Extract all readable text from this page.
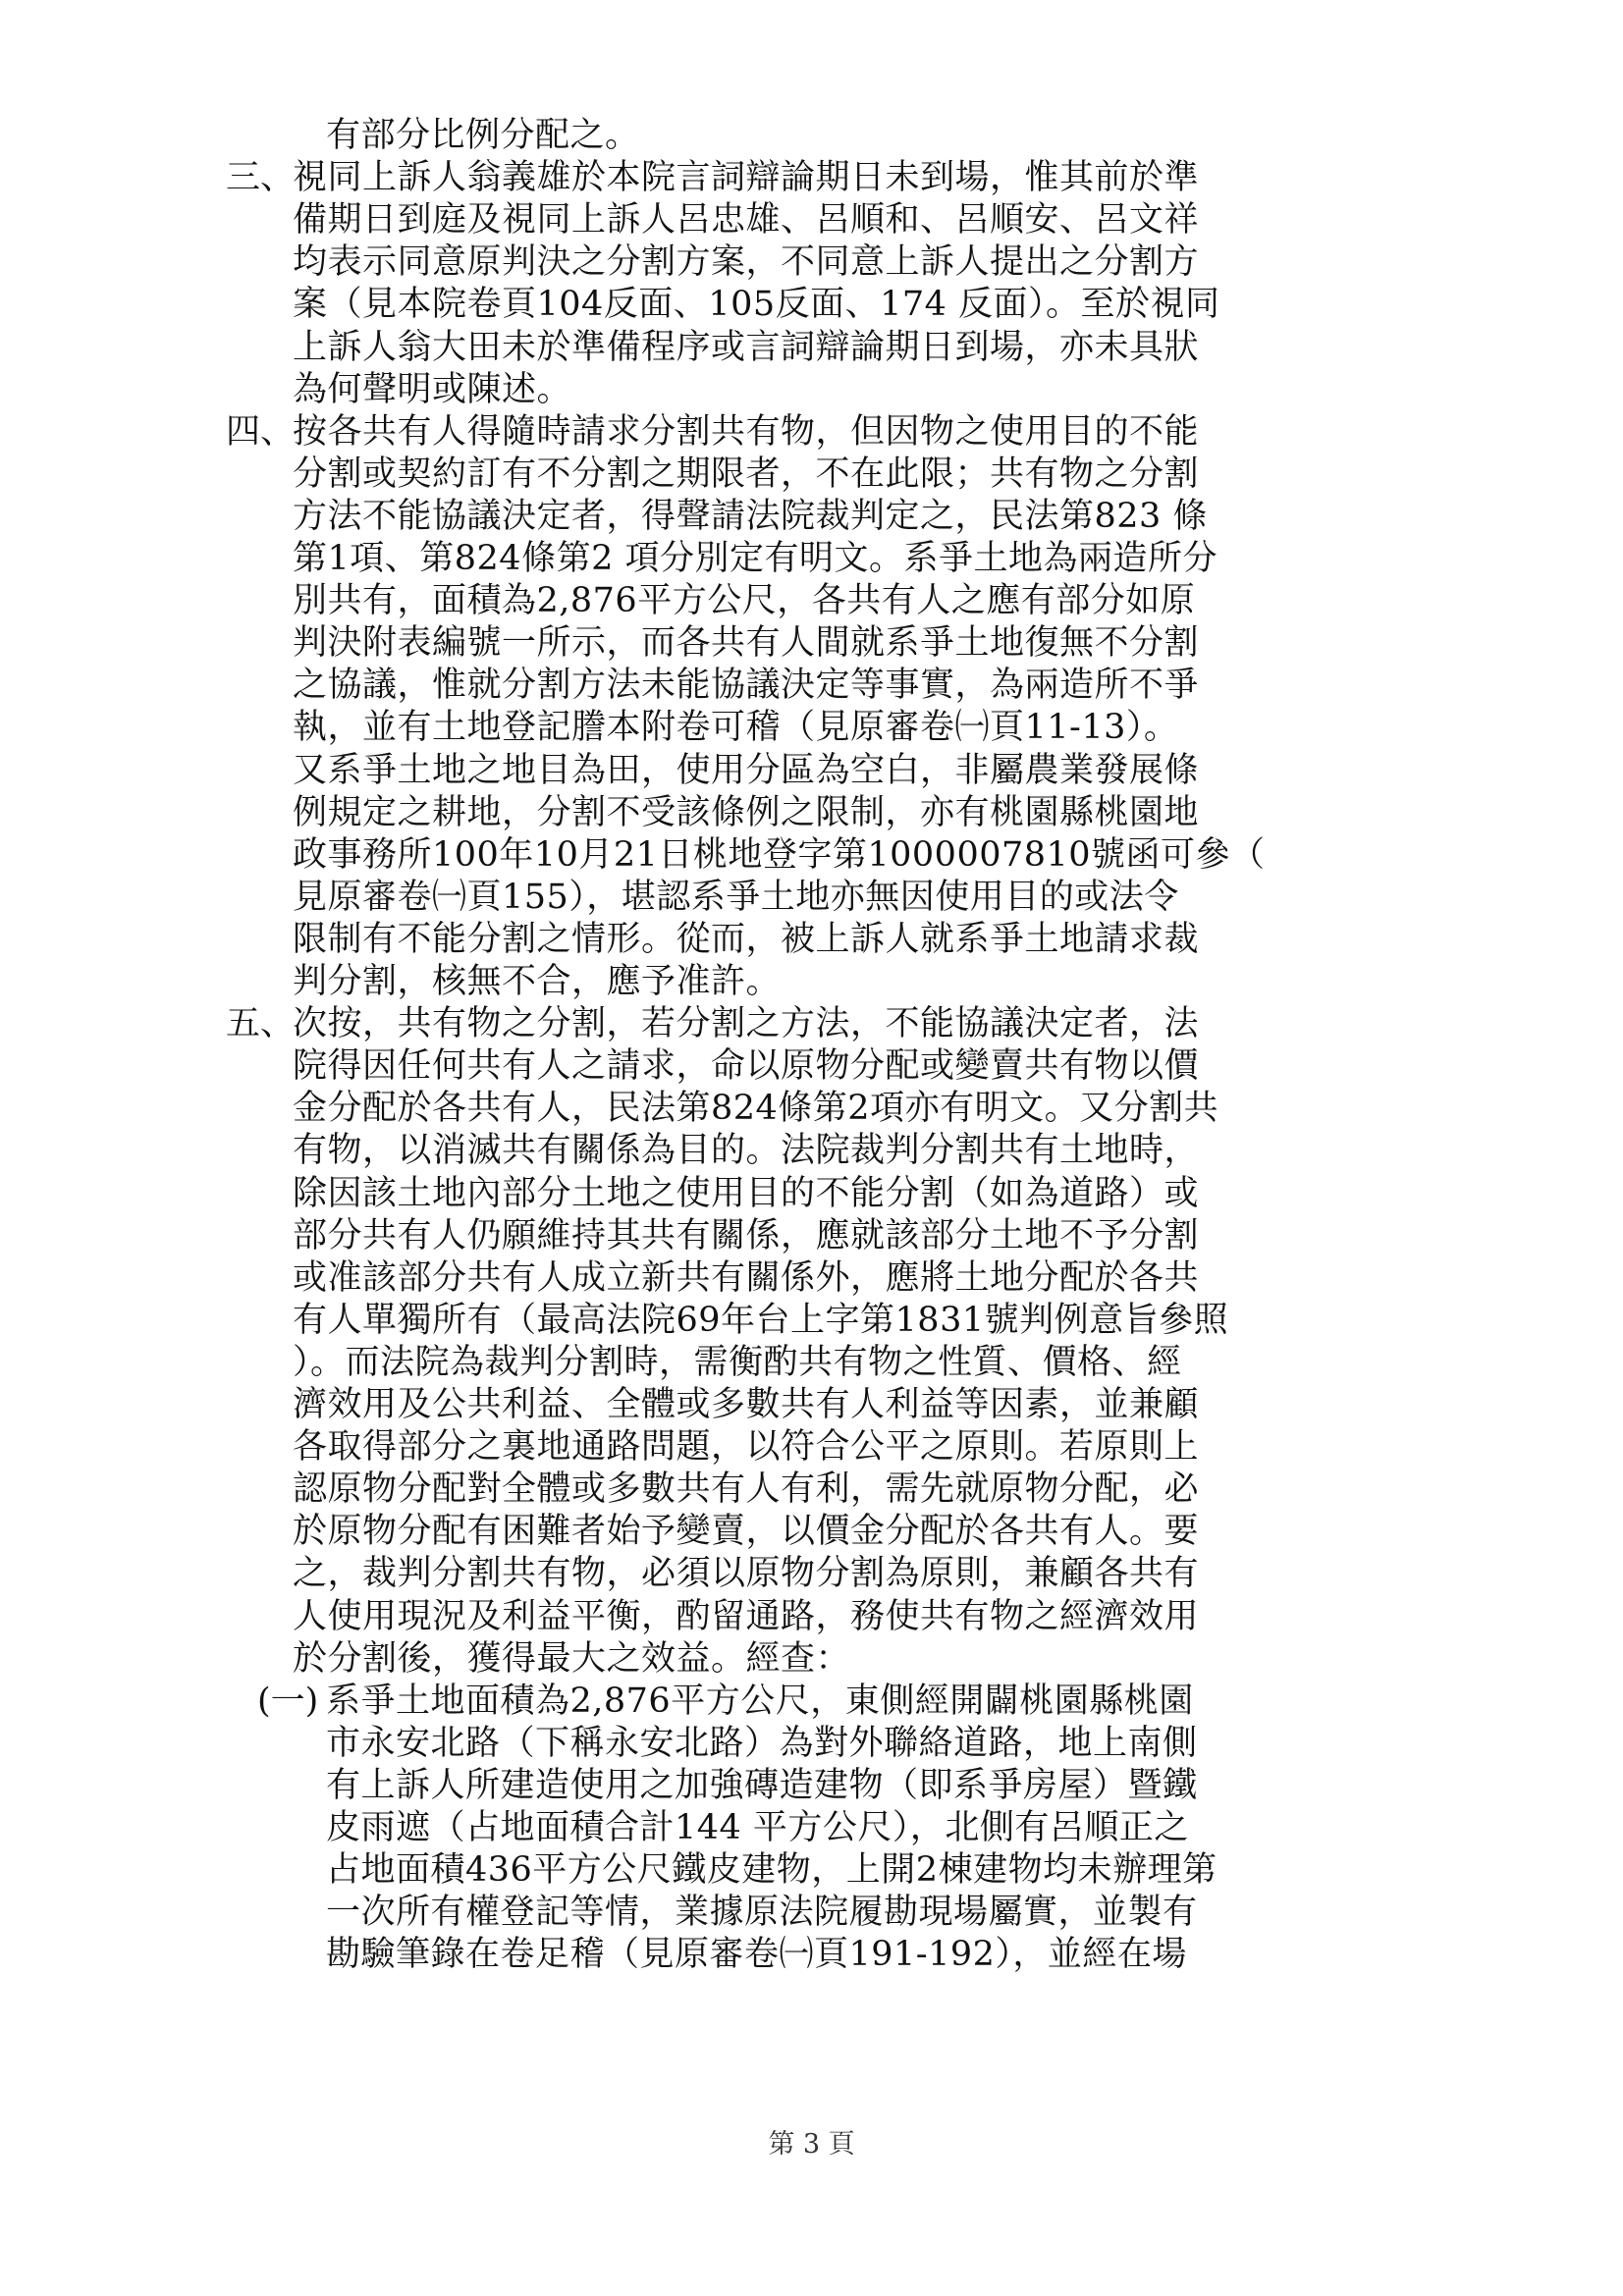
有部分比例分配之。
三、
視同上訴人翁義雄於本院言詞辯論期日未到場，惟其前於準
備期日到庭及視同上訴人呂忠雄、呂順和、呂順安、呂文祥
均表示同意原判決之分割方案，不同意上訴人提出之分割方
案（見本院卷頁104反面、105反面、174 反面）。至於視同
上訴人翁大田未於準備程序或言詞辯論期日到場，亦未具狀
為何聲明或陳述。
四、
按各共有人得隨時請求分割共有物，但因物之使用目的不能
分割或契約訂有不分割之期限者，不在此限；共有物之分割
方法不能協議決定者，得聲請法院裁判定之，民法第823 條
第1項、第824條第2 項分別定有明文。系爭土地為兩造所分
別共有，面積為2,876平方公尺，各共有人之應有部分如原
判決附表編號一所示，而各共有人間就系爭土地復無不分割
之協議，惟就分割方法未能協議決定等事實，為兩造所不爭
執，並有土地登記謄本附卷可稽（見原審卷㈠頁11-13）。
又系爭土地之地目為田，使用分區為空白，非屬農業發展條
例規定之耕地，分割不受該條例之限制，亦有桃園縣桃園地
政事務所100年10月21日桃地登字第1000007810號函可參（
見原審卷㈠頁155），堪認系爭土地亦無因使用目的或法令
限制有不能分割之情形。從而，被上訴人就系爭土地請求裁
判分割，核無不合，應予准許。
五、
次按，共有物之分割，若分割之方法，不能協議決定者，法
院得因任何共有人之請求，命以原物分配或變賣共有物以價
金分配於各共有人，民法第824條第2項亦有明文。又分割共
有物，以消滅共有關係為目的。法院裁判分割共有土地時，
除因該土地內部分土地之使用目的不能分割（如為道路）或
部分共有人仍願維持其共有關係，應就該部分土地不予分割
或准該部分共有人成立新共有關係外，應將土地分配於各共
有人單獨所有（最高法院69年台上字第1831號判例意旨參照
）。而法院為裁判分割時，需衡酌共有物之性質、價格、經
濟效用及公共利益、全體或多數共有人利益等因素，並兼顧
各取得部分之裏地通路問題，以符合公平之原則。若原則上
認原物分配對全體或多數共有人有利，需先就原物分配，必
於原物分配有困難者始予變賣，以價金分配於各共有人。要
之，裁判分割共有物，必須以原物分割為原則，兼顧各共有
人使用現況及利益平衡，酌留通路，務使共有物之經濟效用
於分割後，獲得最大之效益。經查：
(一) 系爭土地面積為2,876平方公尺，東側經開闢桃園縣桃園
市永安北路（下稱永安北路）為對外聯絡道路，地上南側
有上訴人所建造使用之加強磚造建物（即系爭房屋）暨鐵
皮雨遮（占地面積合計144 平方公尺），北側有呂順正之
占地面積436平方公尺鐵皮建物，上開2棟建物均未辦理第
一次所有權登記等情，業據原法院履勘現場屬實，並製有
勘驗筆錄在卷足稽（見原審卷㈠頁191-192），並經在場
第 3 頁
